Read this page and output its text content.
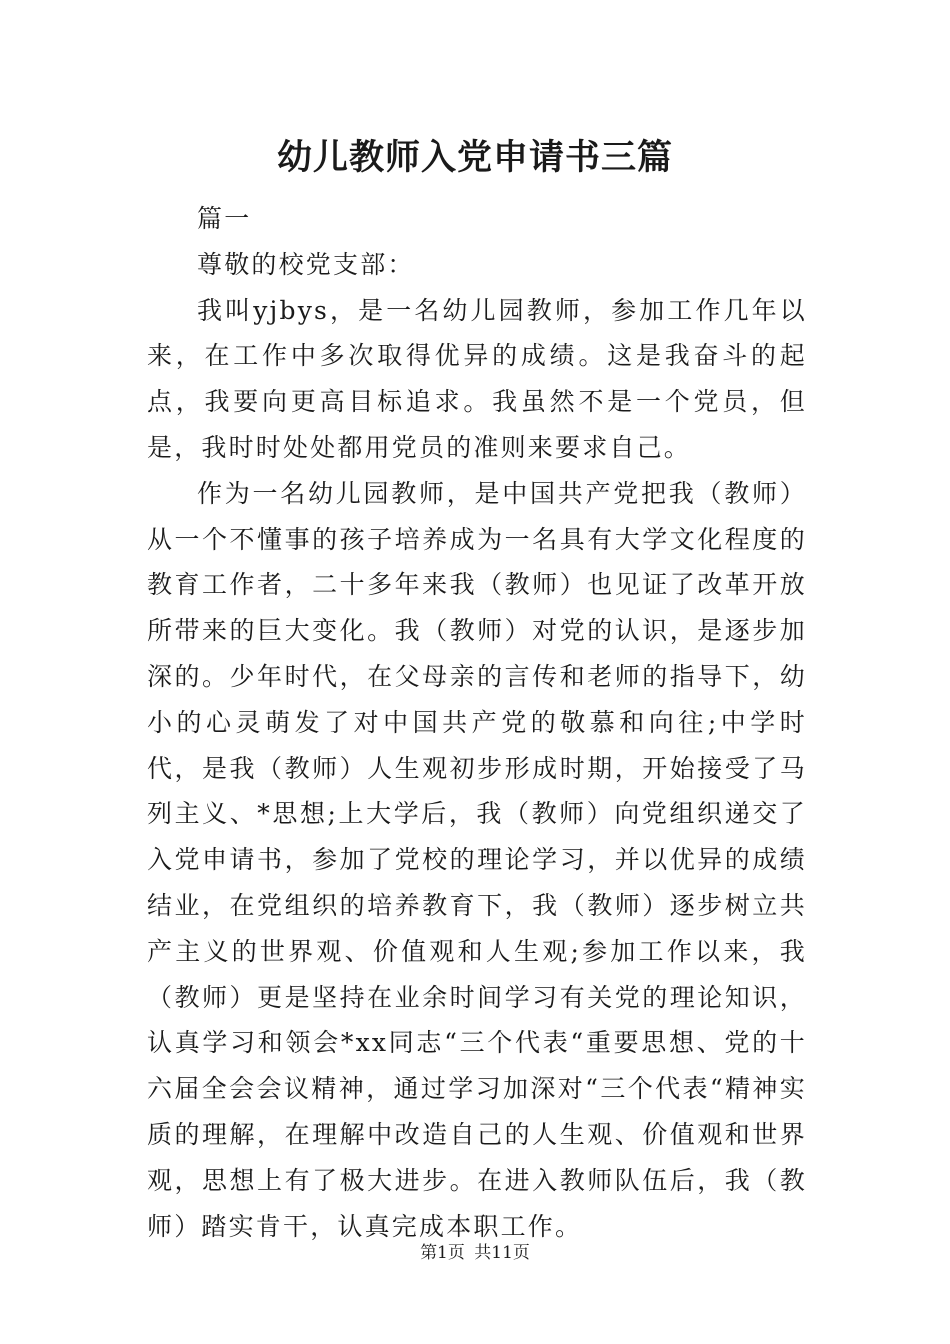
幼儿教师入党申请书三篇

篇一

尊敬的校党支部：

我叫yjbys，是一名幼儿园教师，参加工作几年以来，在工作中多次取得优异的成绩。这是我奋斗的起点，我要向更高目标追求。我虽然不是一个党员，但是，我时时处处都用党员的准则来要求自己。

作为一名幼儿园教师，是中国共产党把我（教师）从一个不懂事的孩子培养成为一名具有大学文化程度的教育工作者，二十多年来我（教师）也见证了改革开放所带来的巨大变化。我（教师）对党的认识，是逐步加深的。少年时代，在父母亲的言传和老师的指导下，幼小的心灵萌发了对中国共产党的敬慕和向往;中学时代，是我（教师）人生观初步形成时期，开始接受了马列主义、*思想;上大学后，我（教师）向党组织递交了入党申请书，参加了党校的理论学习，并以优异的成绩结业，在党组织的培养教育下，我（教师）逐步树立共产主义的世界观、价值观和人生观;参加工作以来，我（教师）更是坚持在业余时间学习有关党的理论知识，认真学习和领会*xx同志“三个代表“重要思想、党的十六届全会会议精神，通过学习加深对“三个代表“精神实质的理解，在理解中改造自己的人生观、价值观和世界观，思想上有了极大进步。在进入教师队伍后，我（教师）踏实肯干，认真完成本职工作。

第1页 共11页
